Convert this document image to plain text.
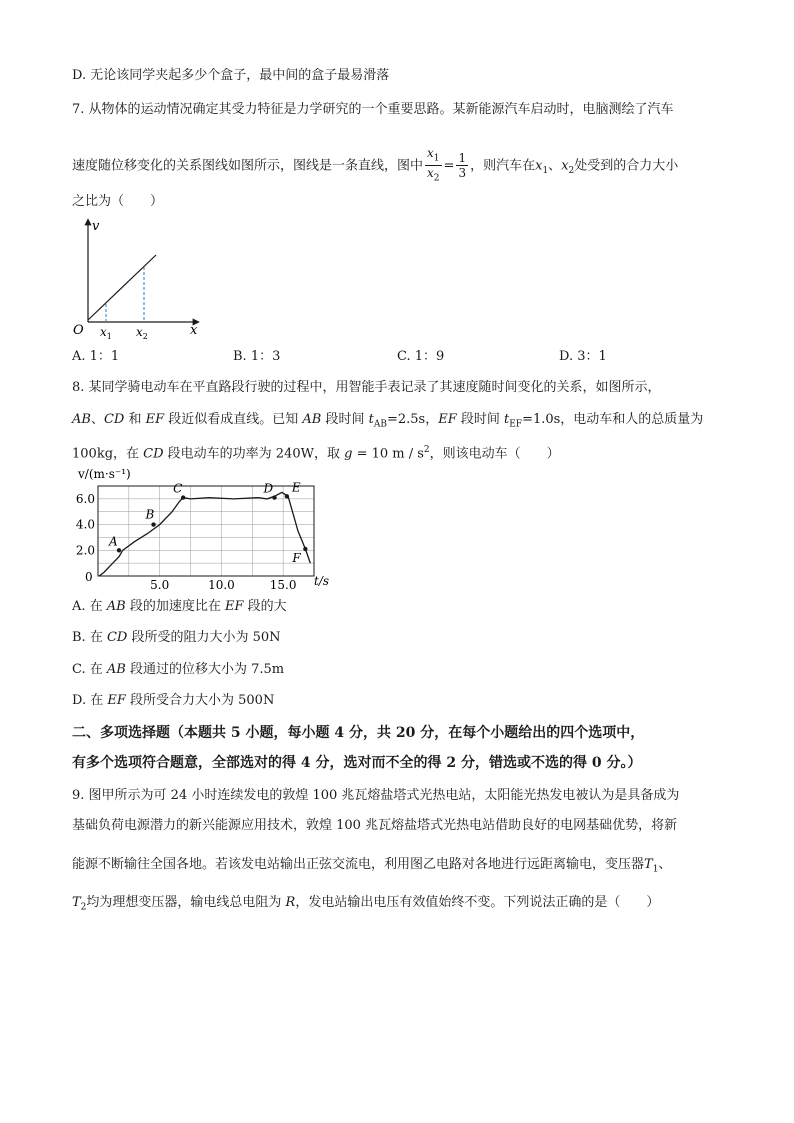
D. 无论该同学夹起多少个盒子，最中间的盒子最易滑落
7. 从物体的运动情况确定其受力特征是力学研究的一个重要思路。某新能源汽车启动时，电脑测绘了汽车
速度随位移变化的关系图线如图所示，图线是一条直线，图中 $\frac{x_1}{x_2} = \frac{1}{3}$ ，则汽车在$x_1$、$x_2$处受到的合力大小
之比为（　　）
v
x
O $x_1$ $x_2$
A. 1：1	B. 1：3	C. 1：9	D. 3：1
8. 某同学骑电动车在平直路段行驶的过程中，用智能手表记录了其速度随时间变化的关系，如图所示，
AB、CD 和 EF 段近似看成直线。已知 AB 段时间 $t_{AB}=2.5s$，EF 段时间 $t_{EF}=1.0s$，电动车和人的总质量为
100kg，在 CD 段电动车的功率为 240W，取 g = 10 m / $s^2$，则该电动车（　　）
5.0	10.0	15.0
2.0
4.0
6.0
A
B
C	D E
F
v/(m·s⁻¹)
t/s
0
A. 在 AB 段的加速度比在 EF 段的大
B. 在 CD 段所受的阻力大小为 50N
C. 在 AB 段通过的位移大小为 7.5m
D. 在 EF 段所受合力大小为 500N
二、多项选择题（本题共 5 小题，每小题 4 分，共 20 分，在每个小题给出的四个选项中，
有多个选项符合题意，全部选对的得 4 分，选对而不全的得 2 分，错选或不选的得 0 分。）
9. 图甲所示为可 24 小时连续发电的敦煌 100 兆瓦熔盐塔式光热电站，太阳能光热发电被认为是具备成为
基础负荷电源潜力的新兴能源应用技术，敦煌 100 兆瓦熔盐塔式光热电站借助良好的电网基础优势，将新
能源不断输往全国各地。若该发电站输出正弦交流电，利用图乙电路对各地进行远距离输电，变压器$T_1$、
$T_2$均为理想变压器，输电线总电阻为 R，发电站输出电压有效值始终不变。下列说法正确的是（　　）
